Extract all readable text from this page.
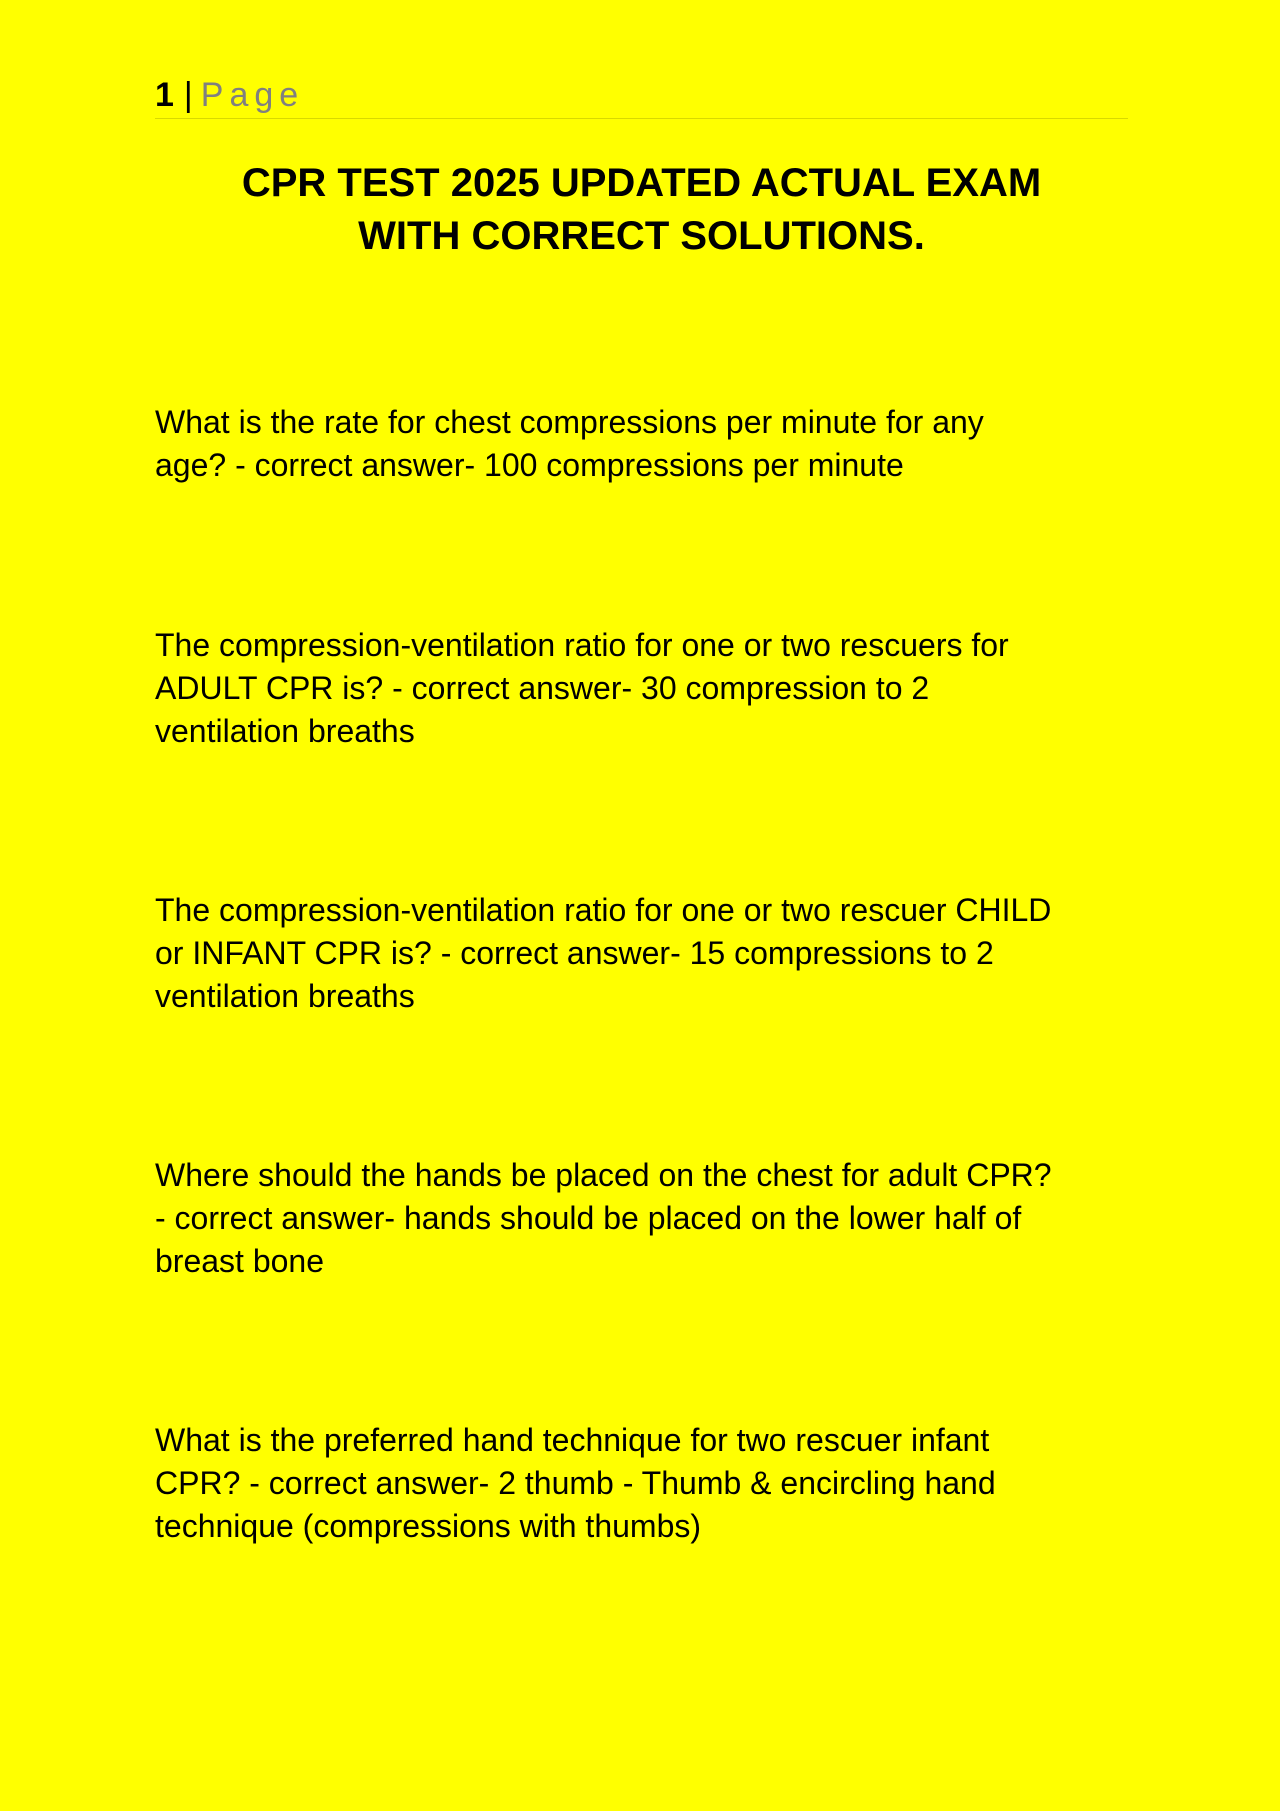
1 | Page
CPR TEST 2025 UPDATED ACTUAL EXAM
WITH CORRECT SOLUTIONS.

What is the rate for chest compressions per minute for any
age? - correct answer- 100 compressions per minute

The compression-ventilation ratio for one or two rescuers for
ADULT CPR is? - correct answer- 30 compression to 2
ventilation breaths

The compression-ventilation ratio for one or two rescuer CHILD
or INFANT CPR is? - correct answer- 15 compressions to 2
ventilation breaths

Where should the hands be placed on the chest for adult CPR?
- correct answer- hands should be placed on the lower half of
breast bone

What is the preferred hand technique for two rescuer infant
CPR? - correct answer- 2 thumb - Thumb & encircling hand
technique (compressions with thumbs)
